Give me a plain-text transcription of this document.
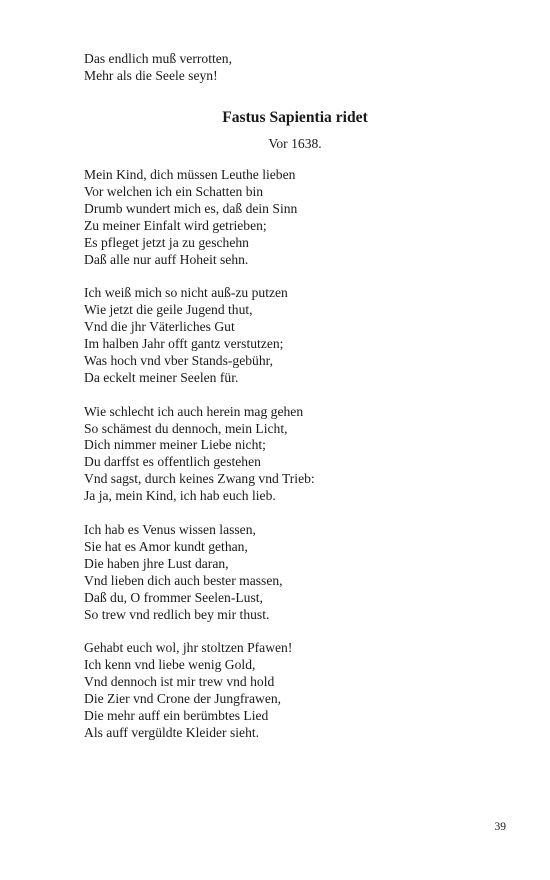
Das endlich muß verrotten,
Mehr als die Seele seyn!
Fastus Sapientia ridet

Vor 1638.

Mein Kind, dich müssen Leuthe lieben
Vor welchen ich ein Schatten bin
Drumb wundert mich es, daß dein Sinn
Zu meiner Einfalt wird getrieben;
Es pfleget jetzt ja zu geschehn
Daß alle nur auff Hoheit sehn.
Ich weiß mich so nicht auß-zu putzen
Wie jetzt die geile Jugend thut,
Vnd die jhr Väterliches Gut
Im halben Jahr offt gantz verstutzen;
Was hoch vnd vber Stands-gebühr,
Da eckelt meiner Seelen für.
Wie schlecht ich auch herein mag gehen
So schämest du dennoch, mein Licht,
Dich nimmer meiner Liebe nicht;
Du darffst es offentlich gestehen
Vnd sagst, durch keines Zwang vnd Trieb:
Ja ja, mein Kind, ich hab euch lieb.
Ich hab es Venus wissen lassen,
Sie hat es Amor kundt gethan,
Die haben jhre Lust daran,
Vnd lieben dich auch bester massen,
Daß du, O frommer Seelen-Lust,
So trew vnd redlich bey mir thust.
Gehabt euch wol, jhr stoltzen Pfawen!
Ich kenn vnd liebe wenig Gold,
Vnd dennoch ist mir trew vnd hold
Die Zier vnd Crone der Jungfrawen,
Die mehr auff ein berümbtes Lied
Als auff vergüldte Kleider sieht.
39
